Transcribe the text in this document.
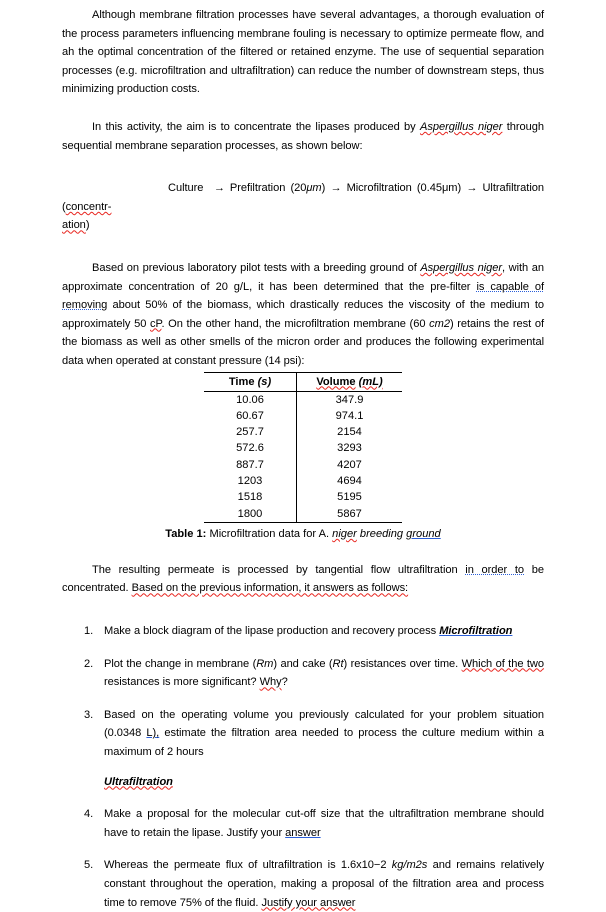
Although membrane filtration processes have several advantages, a thorough evaluation of the process parameters influencing membrane fouling is necessary to optimize permeate flow, and ah the optimal concentration of the filtered or retained enzyme. The use of sequential separation processes (e.g. microfiltration and ultrafiltration) can reduce the number of downstream steps, thus minimizing production costs.

In this activity, the aim is to concentrate the lipases produced by Aspergillus niger through sequential membrane separation processes, as shown below:

Culture → Prefiltration (20μm) → Microfiltration (0.45μm) → Ultrafiltration (concentr-

ation)

Based on previous laboratory pilot tests with a breeding ground of Aspergillus niger, with an approximate concentration of 20 g/L, it has been determined that the pre-filter is capable of removing about 50% of the biomass, which drastically reduces the viscosity of the medium to approximately 50 cP. On the other hand, the microfiltration membrane (60 cm2) retains the rest of the biomass as well as other smells of the micron order and produces the following experimental data when operated at constant pressure (14 psi):

Time (s)	Volume (mL)
10.06	347.9
60.67	974.1
257.7	2154
572.6	3293
887.7	4207
1203	4694
1518	5195
1800	5867
Table 1: Microfiltration data for A. niger breeding ground

The resulting permeate is processed by tangential flow ultrafiltration in order to be concentrated. Based on the previous information, it answers as follows:

Make a block diagram of the lipase production and recovery process Microfiltration
Plot the change in membrane (Rm) and cake (Rt) resistances over time. Which of the two resistances is more significant? Why?
Based on the operating volume you previously calculated for your problem situation (0.0348 L), estimate the filtration area needed to process the culture medium within a maximum of 2 hours
Ultrafiltration
Make a proposal for the molecular cut-off size that the ultrafiltration membrane should have to retain the lipase. Justify your answer
Whereas the permeate flux of ultrafiltration is 1.6x10−2 kg/m2s and remains relatively constant throughout the operation, making a proposal of the filtration area and process time to remove 75% of the fluid. Justify your answer
